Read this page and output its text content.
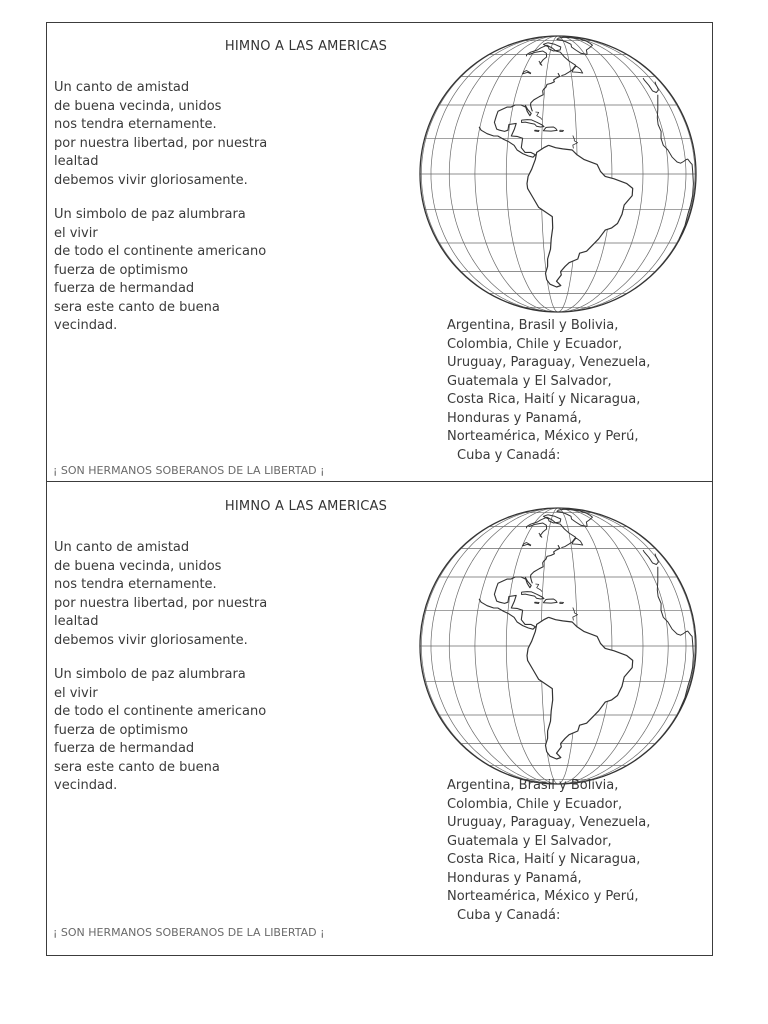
HIMNO A LAS AMERICAS
Un canto de amistad
de buena vecinda, unidos
nos tendra eternamente.
por nuestra libertad, por nuestra
lealtad
debemos vivir gloriosamente.
Un simbolo de paz alumbrara
el vivir
de todo el continente americano
fuerza de optimismo
fuerza de hermandad
sera este canto de buena
vecindad.	Argentina, Brasil y Bolivia,
Colombia, Chile y Ecuador,
Uruguay, Paraguay, Venezuela,
Guatemala y El Salvador,
Costa Rica, Haití y Nicaragua,
Honduras y Panamá,
Norteamérica, México y Perú,
Cuba y Canadá:
¡ SON HERMANOS SOBERANOS DE LA LIBERTAD ¡
HIMNO A LAS AMERICAS
Un canto de amistad
de buena vecinda, unidos
nos tendra eternamente.
por nuestra libertad, por nuestra
lealtad
debemos vivir gloriosamente.
Un simbolo de paz alumbrara
el vivir
de todo el continente americano
fuerza de optimismo
fuerza de hermandad
sera este canto de buena
vecindad.	Argentina, Brasil y Bolivia,
Colombia, Chile y Ecuador,
Uruguay, Paraguay, Venezuela,
Guatemala y El Salvador,
Costa Rica, Haití y Nicaragua,
Honduras y Panamá,
Norteamérica, México y Perú,
Cuba y Canadá:
¡ SON HERMANOS SOBERANOS DE LA LIBERTAD ¡
